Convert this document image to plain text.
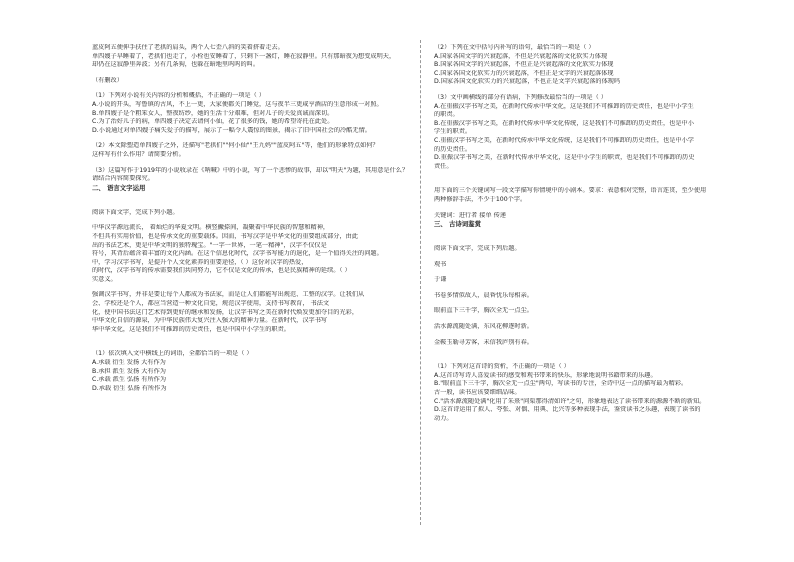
蓝皮阿五便伸手扶住了老拱的肩头，两个人七歪八斜的笑着挤着走去。
单四嫂子早睡着了，老拱们也走了，小栓也安睡着了，只剩下一盏灯，睡在寂静里。只有那暗夜为想变成明天，
却仍在这寂静里奔波；另有几条狗，也躲在暗地里呜呜的叫。
（有删改）
（1）下列对小说有关内容的分析和概括，不正确的一项是（ ）
A.小说的开头，写鲁镇的古风，不上一更，大家便都关门睡觉，这与夜半三更咸亨酒店的生意形成一对照。
B.单四嫂子是个粗笨女人，整夜纺纱，她的生活十分艰难，但对儿子的关爱真诚而深切。
C.为了治好儿子的病，单四嫂子决定去请何小仙，花了很多的钱，她的希望寄托在此处。
D.小说通过对单四嫂子痛失爱子的描写，展示了一幅令人震惊的图景，揭示了旧中国社会的冷酷无情。
（2）本文除塑造单四嫂子之外，还描写"老拱们""何小仙""王九妈""蓝皮阿五"等，他们的形象特点如何？
这样写有什么作用？请简要分析。
（3）这篇写作于1919年的小说收录在《呐喊》中的小说，写了一个悲惨的故事，却以"明天"为题，其用意是什么？
请结合内容简要探究。
二、 语言文字运用
阅读下面文字，完成下列小题。
中华汉字源远流长， 着灿烂的华夏文明。横竖撇捺间，凝聚着中华民族的智慧和精神，
不但具有实用价值，也是传承文化的重要载体。因而，书写汉字是中华文化的重要组成部分，由此
出的书法艺术，更是中华文明的独特瑰宝。"一字一世界，一笔一精神"，汉字不仅仅是
符号，其背后蕴含着丰富的文化内涵。在这个信息化时代，汉字书写能力的退化，是一个值得关注的问题。
中，学习汉字书写，是提升个人文化素养的重要途径，（ ）这份对汉字的热爱，
的时代，汉字书写的传承需要我们共同努力，它不仅是文化的传承，也是民族精神的延续。（ ）
实意义。
强调汉字书写，并非是要让每个人都成为书法家，而是让人们都能写出规范、工整的汉字。让我们从
会、学校还是个人，都应当营造一种文化自觉，规范汉字使用，支持书写教育， 书法文
化，使中国书法这门艺术得到更好的继承和发扬，让汉字书写之美在新时代焕发更加夺目的光彩，
中华文化自信的源泉，为中华民族伟大复兴注入强大的精神力量。在新时代，汉字书写
华中华文化，这是我们不可推卸的历史责任，也是中国中小学生的职责。
（1）依次填入文中横线上的词语，全都恰当的一项是（ ）
A.承载 衍生 发扬 大有作为
B.承担 派生 发扬 大有作为
C.承载 派生 弘扬 有所作为
D.承载 衍生 弘扬 有所作为
（2）下列在文中括号内补写的语句，最恰当的一项是（ ）
A.国家各国文字的兴衰起落，不但是兴衰起落的文化软实力体现
B.国家各国文字的兴衰起落，不但正是兴衰起落的文化软实力体现
C.国家各国文化软实力的兴衰起落，不但正是文字的兴衰起落体现
D.国家各国文化软实力的兴衰起落，不也正是文字兴衰起落的体现吗
（3）文中画横线的部分有语病，下列修改最恰当的一项是（ ）
A.在重振汉字书写之美，在新时代传承中华文化，这是我们不可推卸的历史责任，也是中小学生
的职责。
B.在重振汉字书写之美，在新时代传承中华文化传统，这是我们不可推卸的历史责任，也是中小
学生的职责。
C.重振汉字书写之美，在新时代传承中华文化传统，这是我们不可推卸的历史责任，也是中小学
的历史责任。
D.重振汉字书写之美，在新时代传承中华文化，这是中小学生的职责，也是我们不可推卸的历史
责任。
用下面的三个关键词写一段文字描写你情境中的小剧本。要求：表意相对完整，语言连贯，至少使用
两种修辞手法，不少于100个字。
关键词：进行者 接单 传递
三、 古诗词鉴赏
阅读下面文字，完成下列后题。
观书
于谦
书卷多情似故人，晨昏忧乐每相亲。
眼前直下三千字，胸次全无一点尘。
活水源流随处满，东风花柳逐时新。
金鞍玉勒寻芳客，未信我庐别有春。
（1）下列对这首诗的赏析，不正确的一项是（ ）
A.这首诗写诗人喜爱读书的感受和观书带来的快乐，形象地说明书籍带来的乐趣。
B."眼前直下三千字，胸次全无一点尘"两句，写读书的专注，全诗中这一点的描写最为精彩。
古一般，读书应该要细细品味。
C."活水源流随处满"化用了朱熹"问渠那得清如许"之句，形象地表达了读书带来的源源不断的新知。
D.这首诗运用了拟人、夸张、对偶、用典、比兴等多种表现手法，鉴赏读书之乐趣，表现了读书的
动力。
